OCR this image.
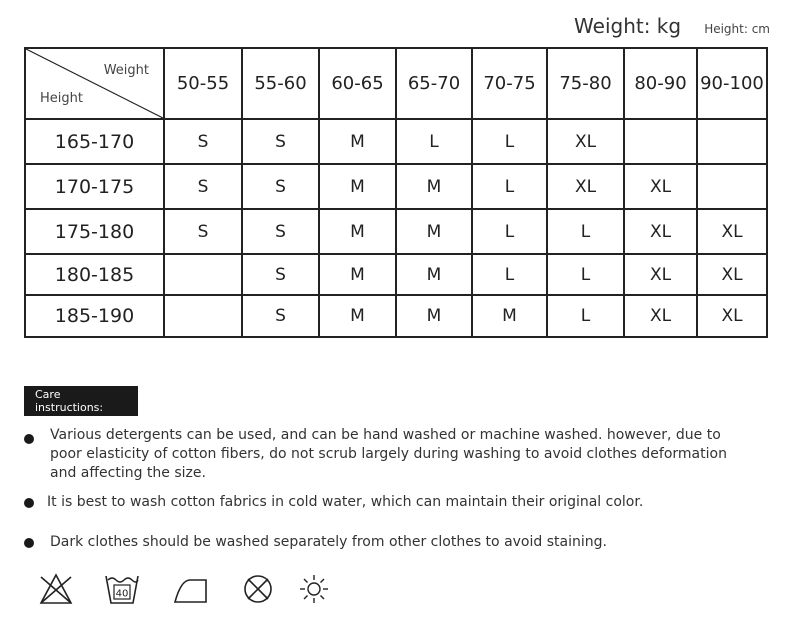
Weight: kg Height: cm
Weight
Height	50-55	55-60	60-65	65-70	70-75	75-80	80-90	90-100
165-170	S	S	M	L	L	XL		
170-175	S	S	M	M	L	XL	XL	
175-180	S	S	M	M	L	L	XL	XL
180-185		S	M	M	L	L	XL	XL
185-190		S	M	M	M	L	XL	XL
Care
instructions:
Various detergents can be used, and can be hand washed or machine washed. however, due to poor elasticity of cotton fibers, do not scrub largely during washing to avoid clothes deformation and affecting the size.
It is best to wash cotton fabrics in cold water, which can maintain their original color.
Dark clothes should be washed separately from other clothes to avoid staining.
40
